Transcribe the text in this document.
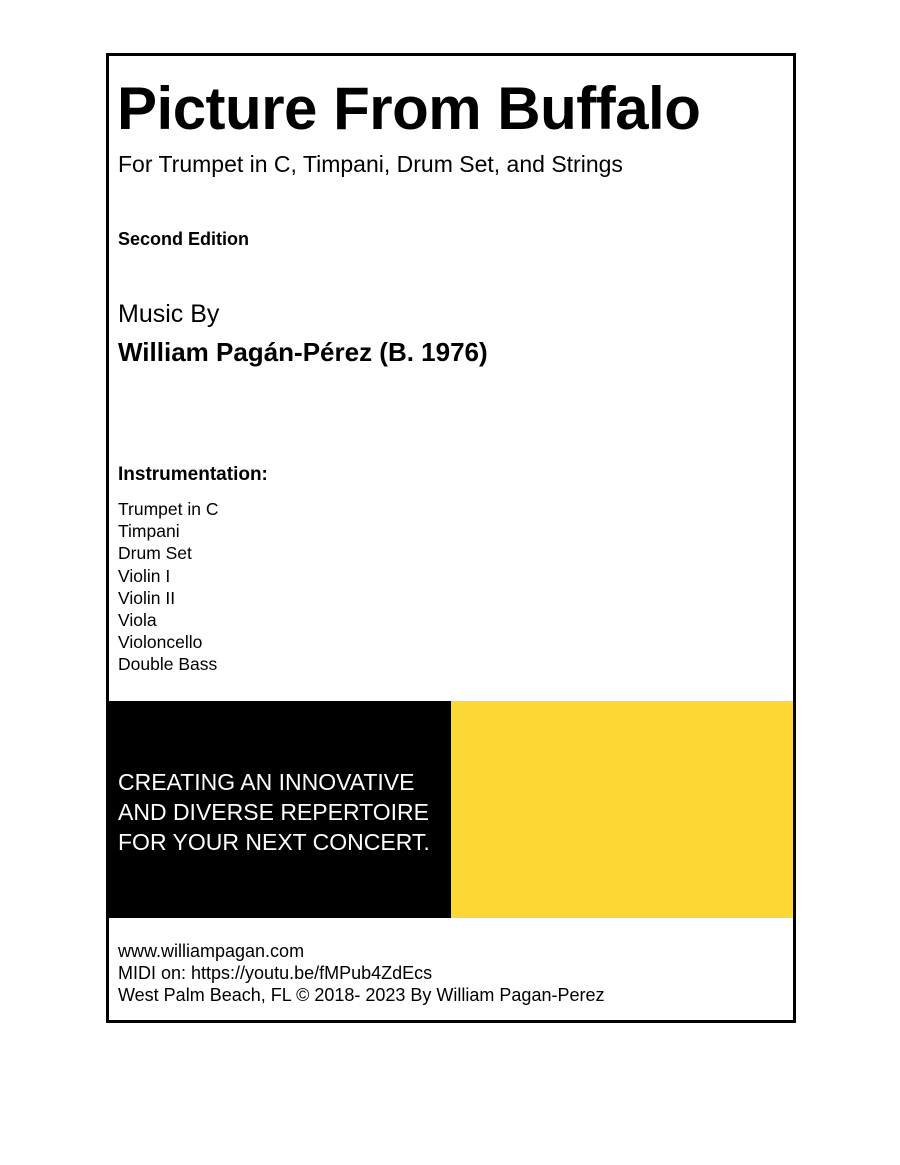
Picture From Buffalo
For Trumpet in C, Timpani, Drum Set, and Strings
Second Edition
Music By
William Pagán-Pérez (B. 1976)
Instrumentation:
Trumpet in C
Timpani
Drum Set
Violin I
Violin II
Viola
Violoncello
Double Bass
CREATING AN INNOVATIVE
AND DIVERSE REPERTOIRE
FOR YOUR NEXT CONCERT.
www.williampagan.com
MIDI on: https://youtu.be/fMPub4ZdEcs
West Palm Beach, FL © 2018- 2023 By William Pagan-Perez
